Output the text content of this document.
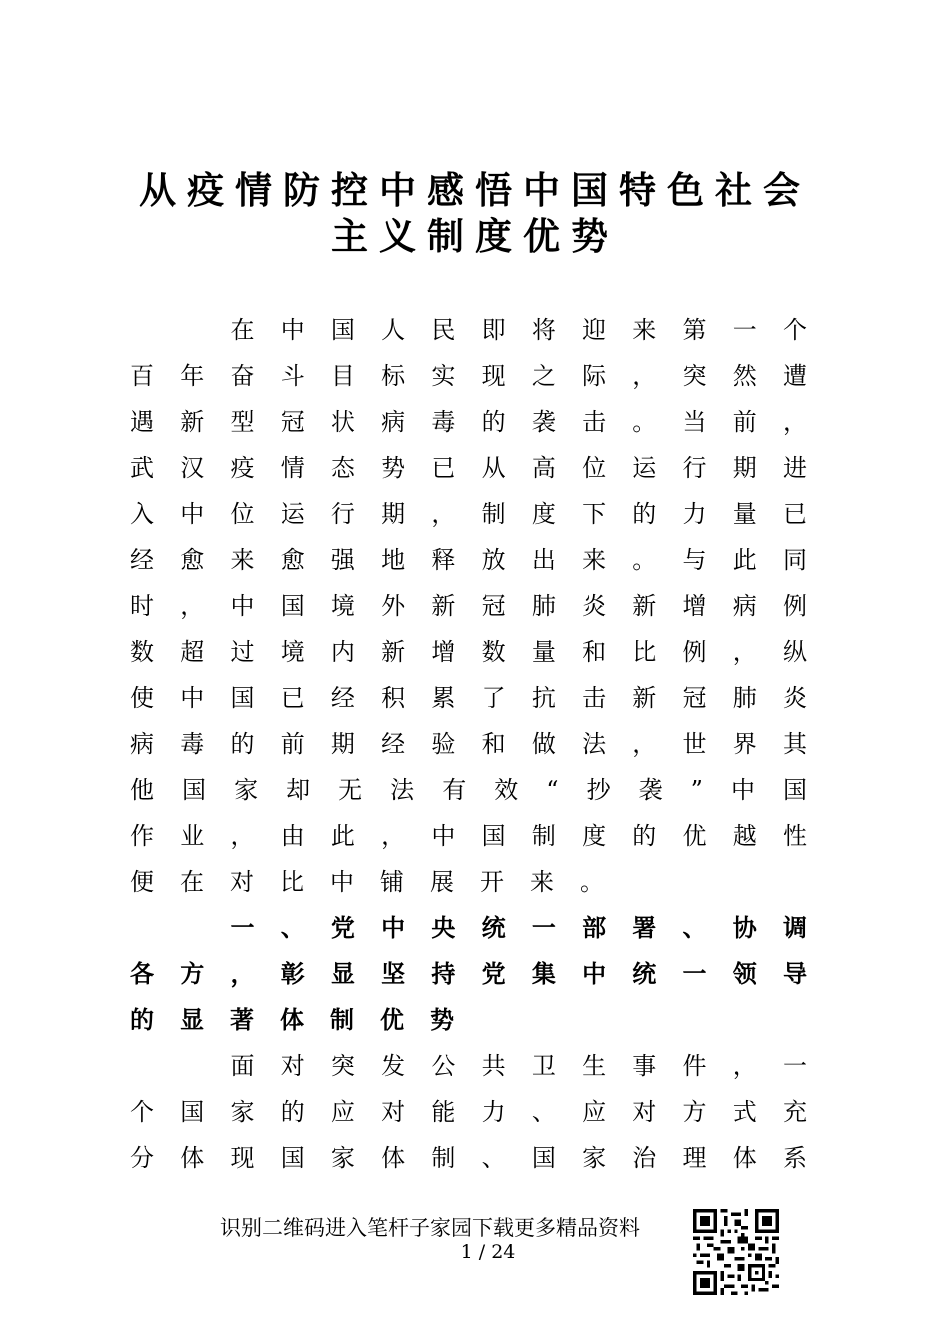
从疫情防控中感悟中国特色社会
主义制度优势
　　在中国人民即将迎来第一个
百年奋斗目标实现之际，突然遭
遇新型冠状病毒的袭击。当前，
武汉疫情态势已从高位运行期进
入中位运行期，制度下的力量已
经愈来愈强地释放出来。与此同
时，中国境外新冠肺炎新增病例
数超过境内新增数量和比例，纵
使中国已经积累了抗击新冠肺炎
病毒的前期经验和做法，世界其
他国家却无法有效“抄袭”中国
作业，由此，中国制度的优越性
便在对比中铺展开来。
　　一、党中央统一部署、协调
各方，彰显坚持党集中统一领导
的显著体制优势
　　面对突发公共卫生事件，一
个国家的应对能力、应对方式充
分体现国家体制、国家治理体系
识别二维码进入笔杆子家园下载更多精品资料
1 / 24
